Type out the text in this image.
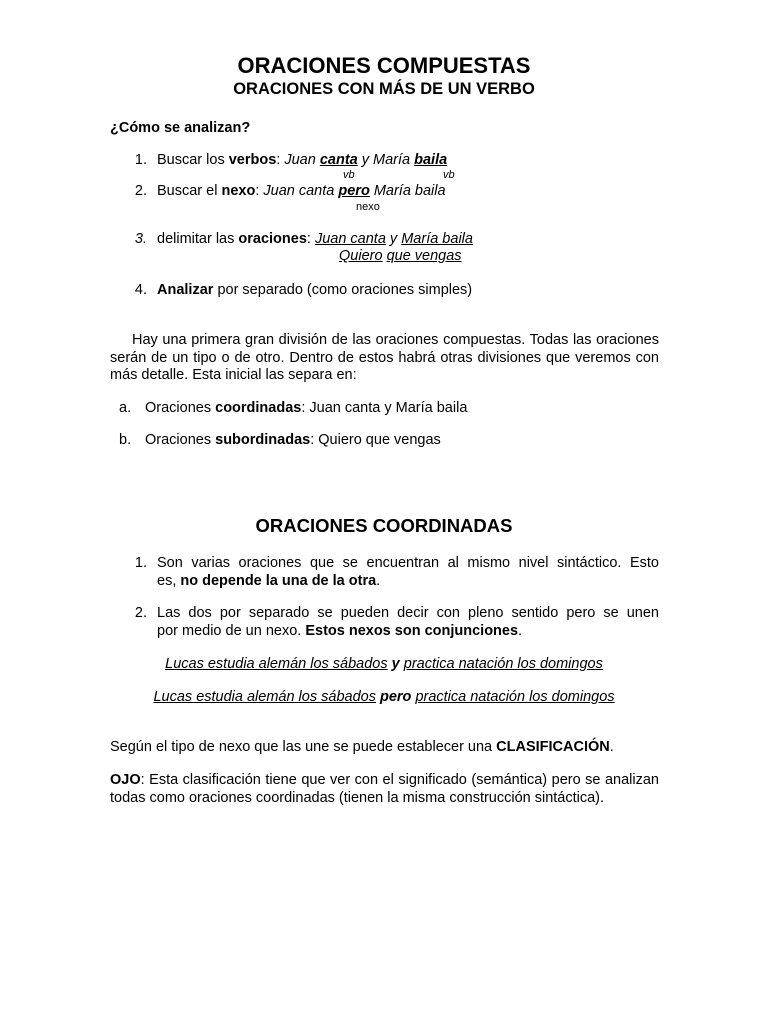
ORACIONES COMPUESTAS
ORACIONES CON MÁS DE UN VERBO
¿Cómo se analizan?
1. Buscar los verbos: Juan canta y María baila
vb	vb
2. Buscar el nexo: Juan canta pero María baila
nexo
3. delimitar las oraciones: Juan canta y María baila
Quiero que vengas
4. Analizar por separado (como oraciones simples)
Hay una primera gran división de las oraciones compuestas. Todas las oraciones serán de un tipo o de otro. Dentro de estos habrá otras divisiones que veremos con más detalle. Esta inicial las separa en:
a. Oraciones coordinadas: Juan canta y María baila
b. Oraciones subordinadas: Quiero que vengas
ORACIONES COORDINADAS
1. Son varias oraciones que se encuentran al mismo nivel sintáctico. Esto
es, no depende la una de la otra.
2. Las dos por separado se pueden decir con pleno sentido pero se unen
por medio de un nexo. Estos nexos son conjunciones.
Lucas estudia alemán los sábados y practica natación los domingos
Lucas estudia alemán los sábados pero practica natación los domingos
Según el tipo de nexo que las une se puede establecer una CLASIFICACIÓN.
OJO: Esta clasificación tiene que ver con el significado (semántica) pero se analizan todas como oraciones coordinadas (tienen la misma construcción sintáctica).
